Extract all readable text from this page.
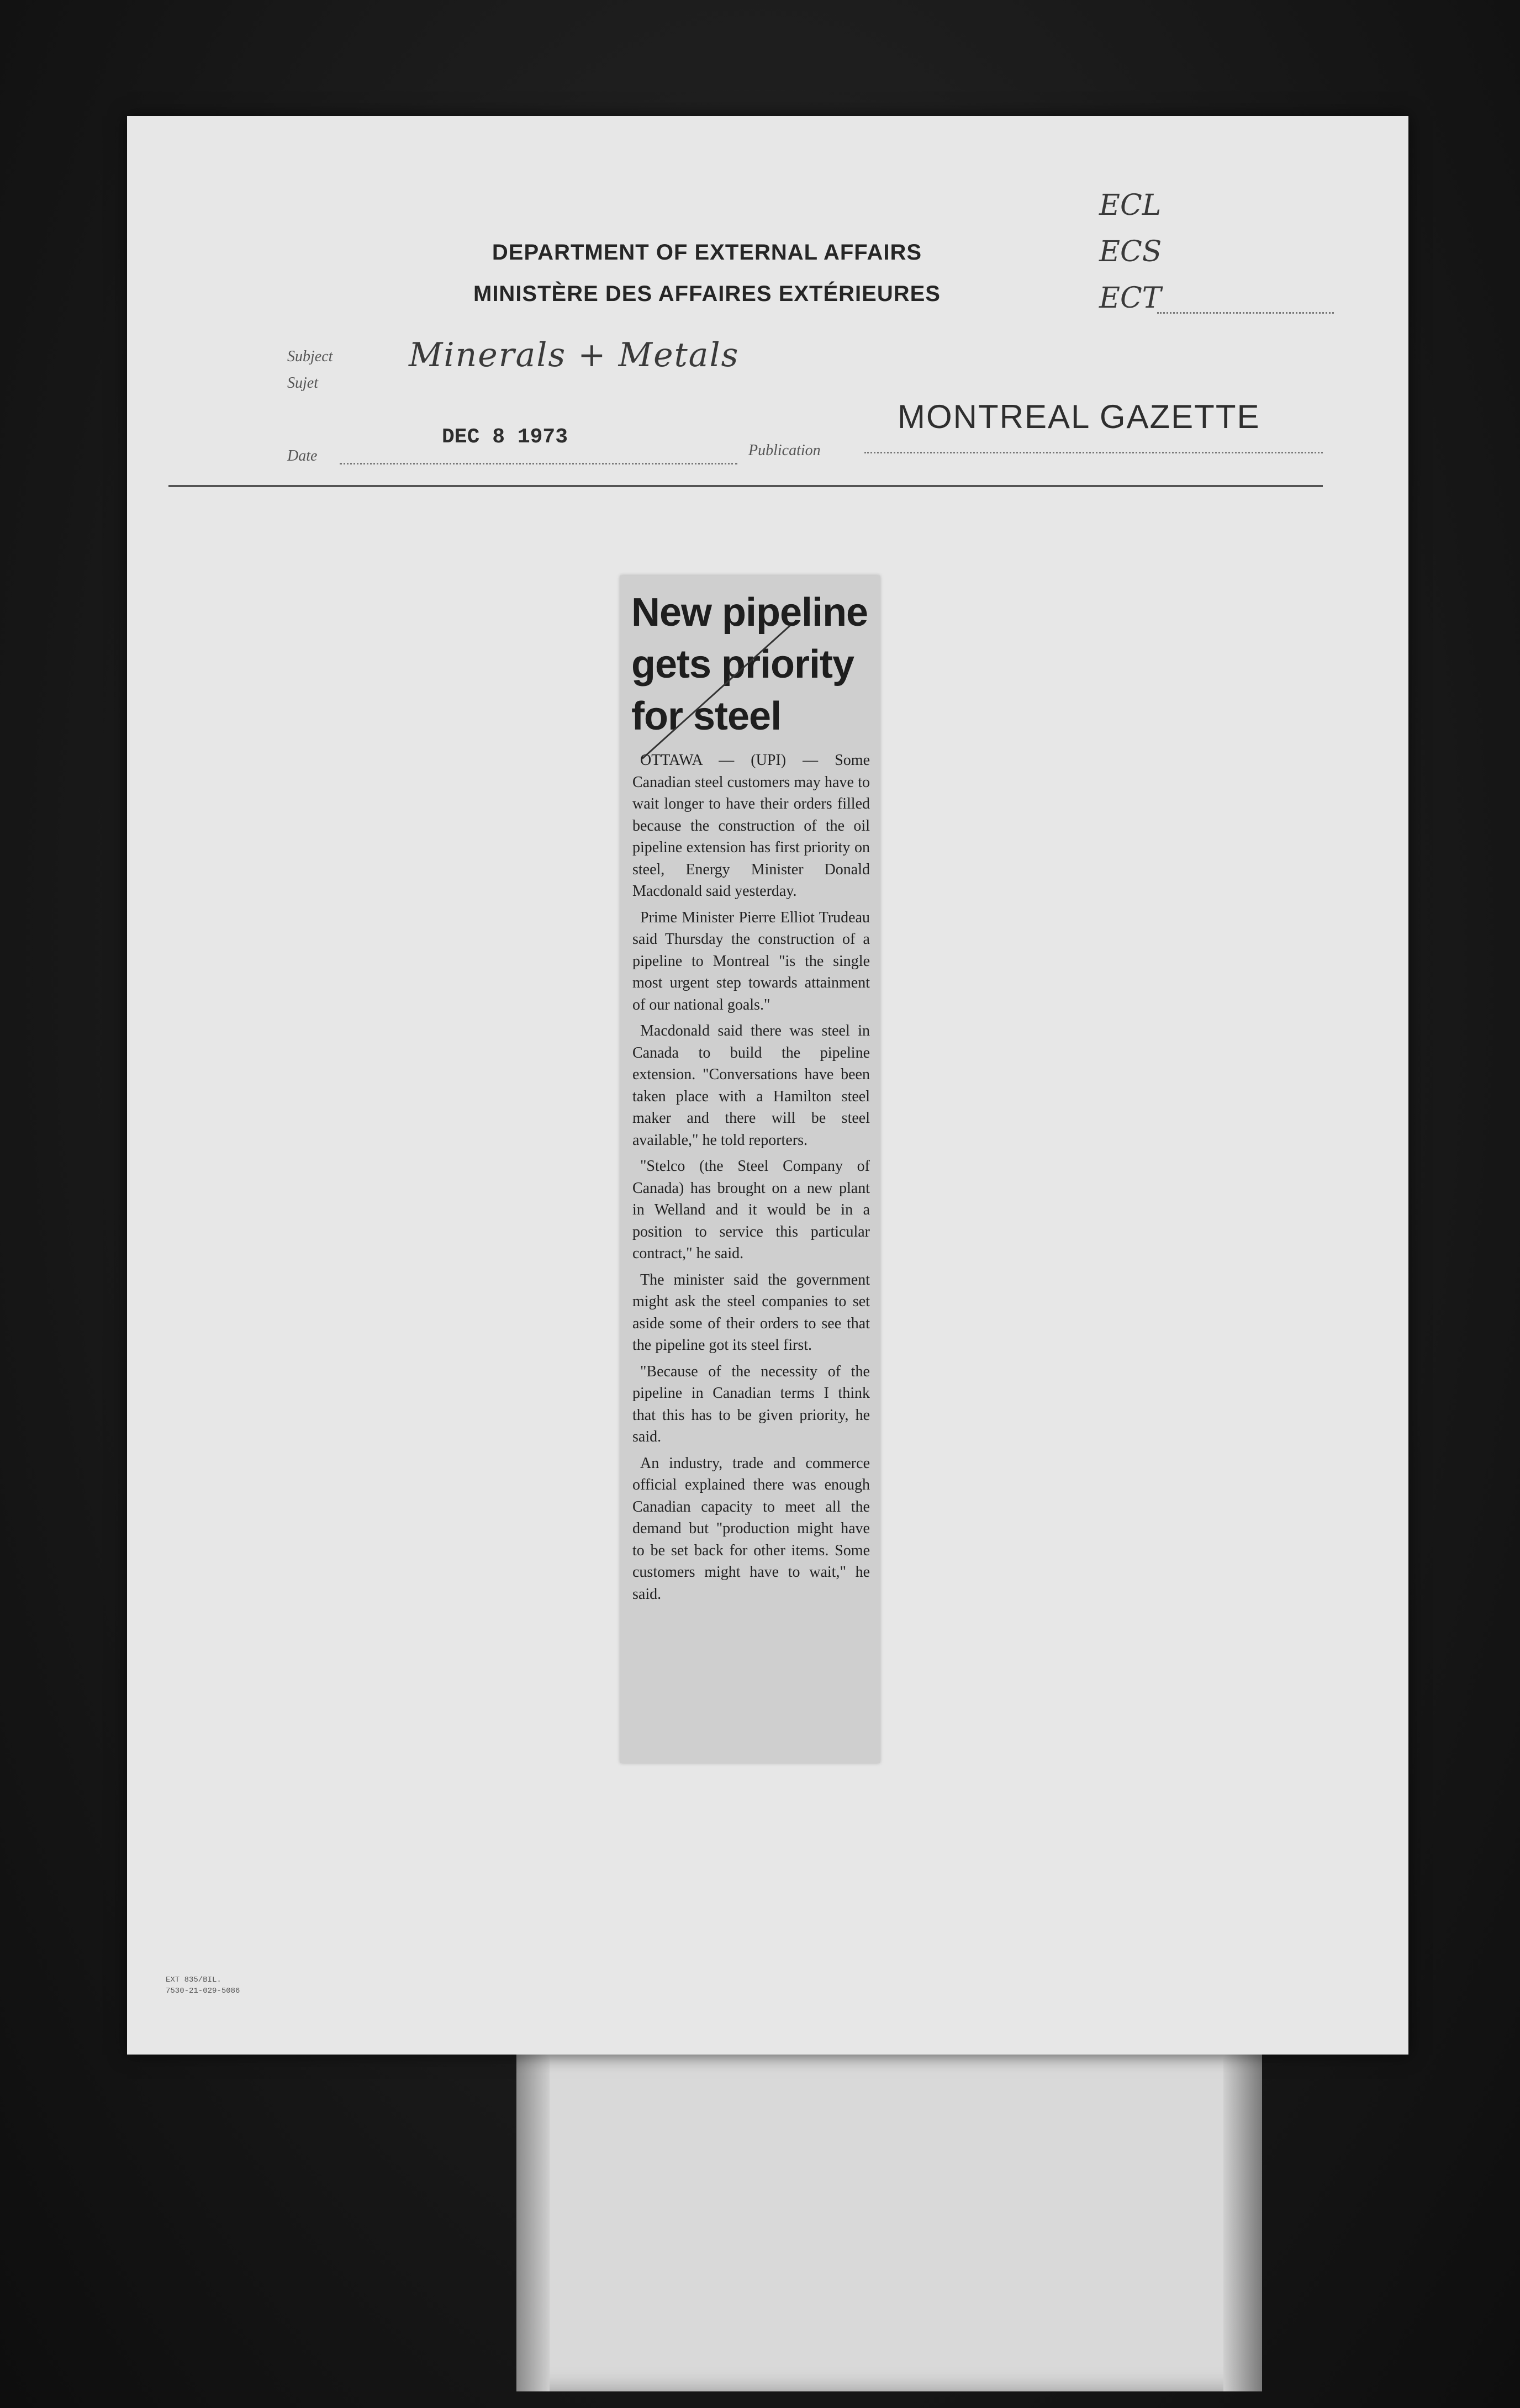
DEPARTMENT OF EXTERNAL AFFAIRS
MINISTÈRE DES AFFAIRES EXTÉRIEURES
ECL
ECS
ECT
Subject
Sujet
Minerals + Metals
Date
DEC 8 1973
Publication
MONTREAL GAZETTE
New pipeline
gets priority
for steel

OTTAWA — (UPI) — Some Canadian steel customers may have to wait longer to have their orders filled because the construction of the oil pipeline extension has first priority on steel, Energy Minister Donald Macdonald said yesterday.

Prime Minister Pierre Elliot Trudeau said Thursday the construction of a pipeline to Montreal "is the single most urgent step towards attainment of our national goals."

Macdonald said there was steel in Canada to build the pipeline extension. "Conversations have been taken place with a Hamilton steel maker and there will be steel available," he told reporters.

"Stelco (the Steel Company of Canada) has brought on a new plant in Welland and it would be in a position to service this particular contract," he said.

The minister said the government might ask the steel companies to set aside some of their orders to see that the pipeline got its steel first.

"Because of the necessity of the pipeline in Canadian terms I think that this has to be given priority, he said.

An industry, trade and commerce official explained there was enough Canadian capacity to meet all the demand but "production might have to be set back for other items. Some customers might have to wait," he said.

EXT 835/BIL.
7530-21-029-5086
